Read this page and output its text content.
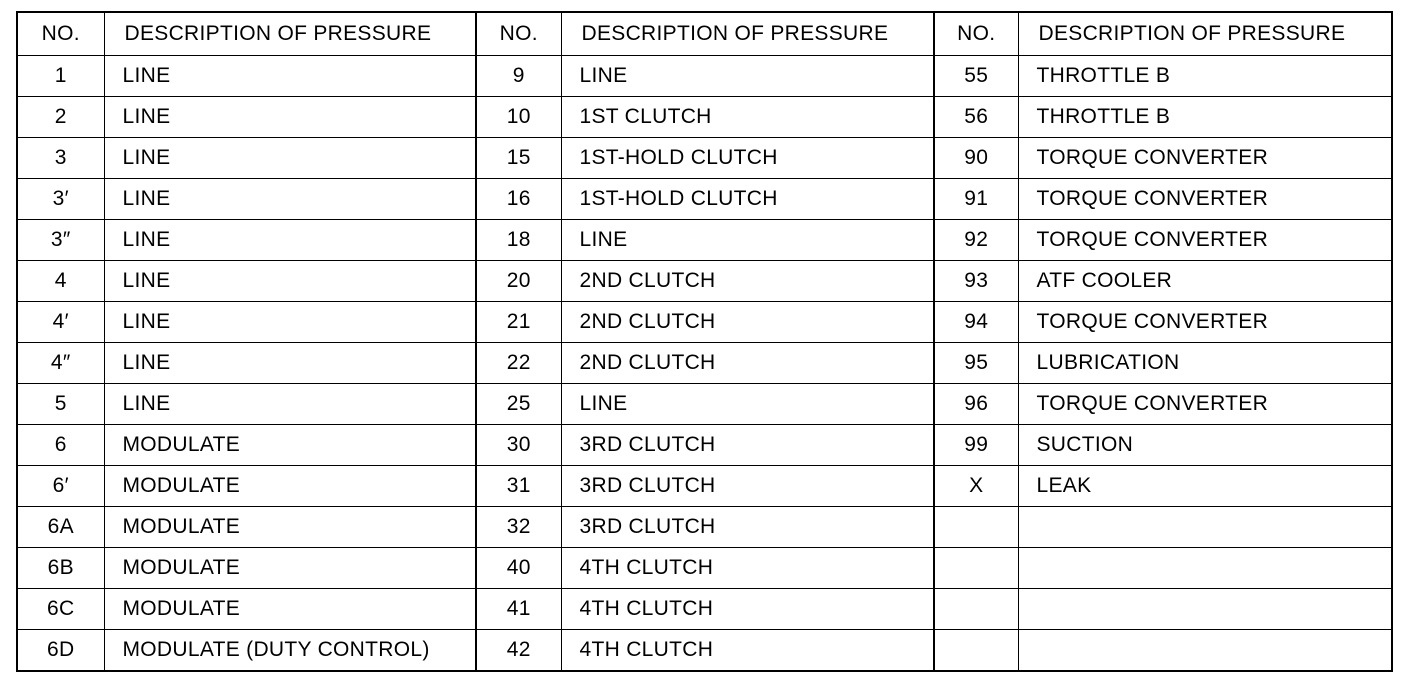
NO.	DESCRIPTION OF PRESSURE
1	LINE
2	LINE
3	LINE
3′	LINE
3″	LINE
4	LINE
4′	LINE
4″	LINE
5	LINE
6	MODULATE
6′	MODULATE
6A	MODULATE
6B	MODULATE
6C	MODULATE
6D	MODULATE (DUTY CONTROL)
NO.	DESCRIPTION OF PRESSURE
9	LINE
10	1ST CLUTCH
15	1ST-HOLD CLUTCH
16	1ST-HOLD CLUTCH
18	LINE
20	2ND CLUTCH
21	2ND CLUTCH
22	2ND CLUTCH
25	LINE
30	3RD CLUTCH
31	3RD CLUTCH
32	3RD CLUTCH
40	4TH CLUTCH
41	4TH CLUTCH
42	4TH CLUTCH
NO.	DESCRIPTION OF PRESSURE
55	THROTTLE B
56	THROTTLE B
90	TORQUE CONVERTER
91	TORQUE CONVERTER
92	TORQUE CONVERTER
93	ATF COOLER
94	TORQUE CONVERTER
95	LUBRICATION
96	TORQUE CONVERTER
99	SUCTION
X	LEAK
